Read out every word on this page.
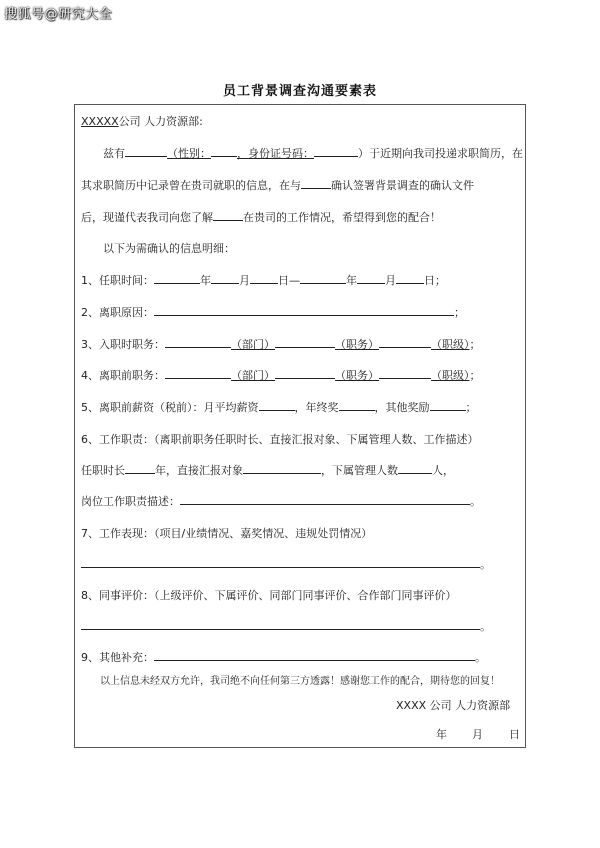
搜狐号@研究大全
员工背景调查沟通要素表
XXXXX公司 人力资源部:
兹有	（性别： ，身份证号码：	）于近期向我司投递求职简历，在
其求职简历中记录曾在贵司就职的信息，在与	确认签署背景调查的确认文件
后，现谨代表我司向您了解	在贵司的工作情况，希望得到您的配合！
以下为需确认的信息明细：
1、任职时间：	年	月	日—	年	月	日；
2、离职原因：	；
3、入职时职务：	（部门）	（职务）	（职级）；
4、离职前职务：	（部门）	（职务）	（职级）；
5、离职前薪资（税前）：月平均薪资	，年终奖	，其他奖励	；
6、工作职责：（离职前职务任职时长、直接汇报对象、下属管理人数、工作描述）
任职时长	年，直接汇报对象	，下属管理人数	人，
岗位工作职责描述：	。
7、工作表现：（项目/业绩情况、嘉奖情况、违规处罚情况）
。
8、同事评价：（上级评价、下属评价、同部门同事评价、合作部门同事评价）
。
9、其他补充：	。
以上信息未经双方允许，我司绝不向任何第三方透露！感谢您工作的配合，期待您的回复！
XXXX 公司 人力资源部
年 月 日
